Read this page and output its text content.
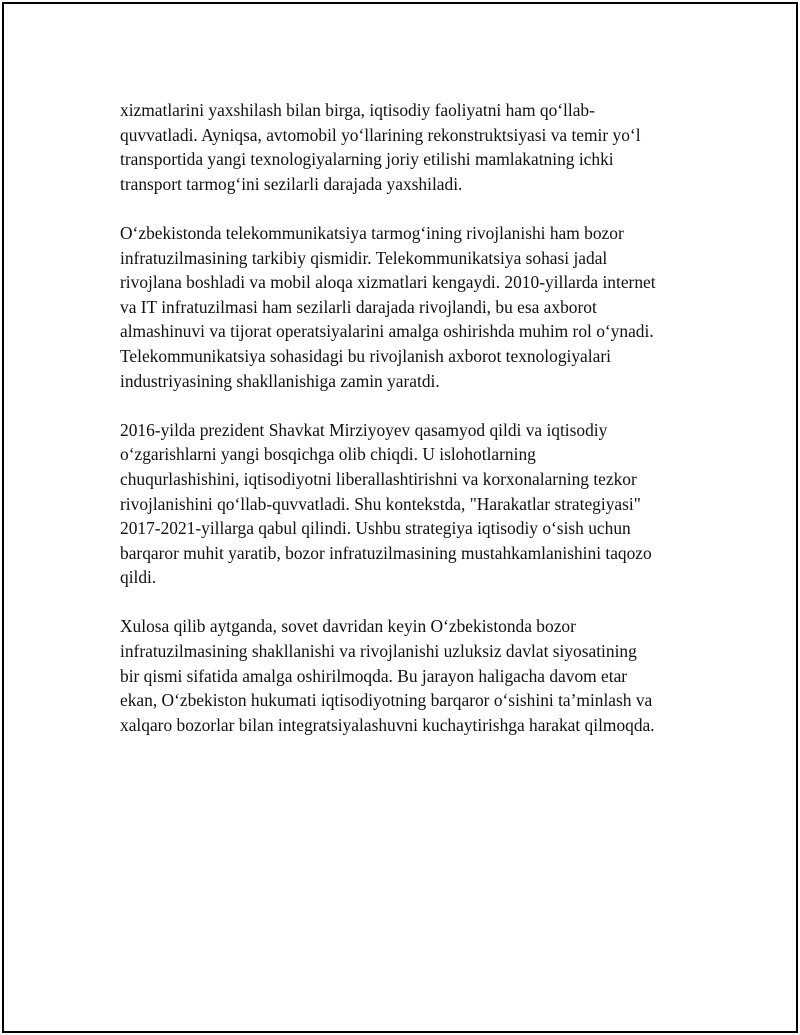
xizmatlarini yaxshilash bilan birga, iqtisodiy faoliyatni ham qo‘llab-
quvvatladi. Ayniqsa, avtomobil yo‘llarining rekonstruktsiyasi va temir yo‘l
transportida yangi texnologiyalarning joriy etilishi mamlakatning ichki
transport tarmog‘ini sezilarli darajada yaxshiladi.

O‘zbekistonda telekommunikatsiya tarmog‘ining rivojlanishi ham bozor
infratuzilmasining tarkibiy qismidir. Telekommunikatsiya sohasi jadal
rivojlana boshladi va mobil aloqa xizmatlari kengaydi. 2010-yillarda internet
va IT infratuzilmasi ham sezilarli darajada rivojlandi, bu esa axborot
almashinuvi va tijorat operatsiyalarini amalga oshirishda muhim rol o‘ynadi.
Telekommunikatsiya sohasidagi bu rivojlanish axborot texnologiyalari
industriyasining shakllanishiga zamin yaratdi.

2016-yilda prezident Shavkat Mirziyoyev qasamyod qildi va iqtisodiy
o‘zgarishlarni yangi bosqichga olib chiqdi. U islohotlarning
chuqurlashishini, iqtisodiyotni liberallashtirishni va korxonalarning tezkor
rivojlanishini qo‘llab-quvvatladi. Shu kontekstda, "Harakatlar strategiyasi"
2017-2021-yillarga qabul qilindi. Ushbu strategiya iqtisodiy o‘sish uchun
barqaror muhit yaratib, bozor infratuzilmasining mustahkamlanishini taqozo
qildi.

Xulosa qilib aytganda, sovet davridan keyin O‘zbekistonda bozor
infratuzilmasining shakllanishi va rivojlanishi uzluksiz davlat siyosatining
bir qismi sifatida amalga oshirilmoqda. Bu jarayon haligacha davom etar
ekan, O‘zbekiston hukumati iqtisodiyotning barqaror o‘sishini ta’minlash va
xalqaro bozorlar bilan integratsiyalashuvni kuchaytirishga harakat qilmoqda.
